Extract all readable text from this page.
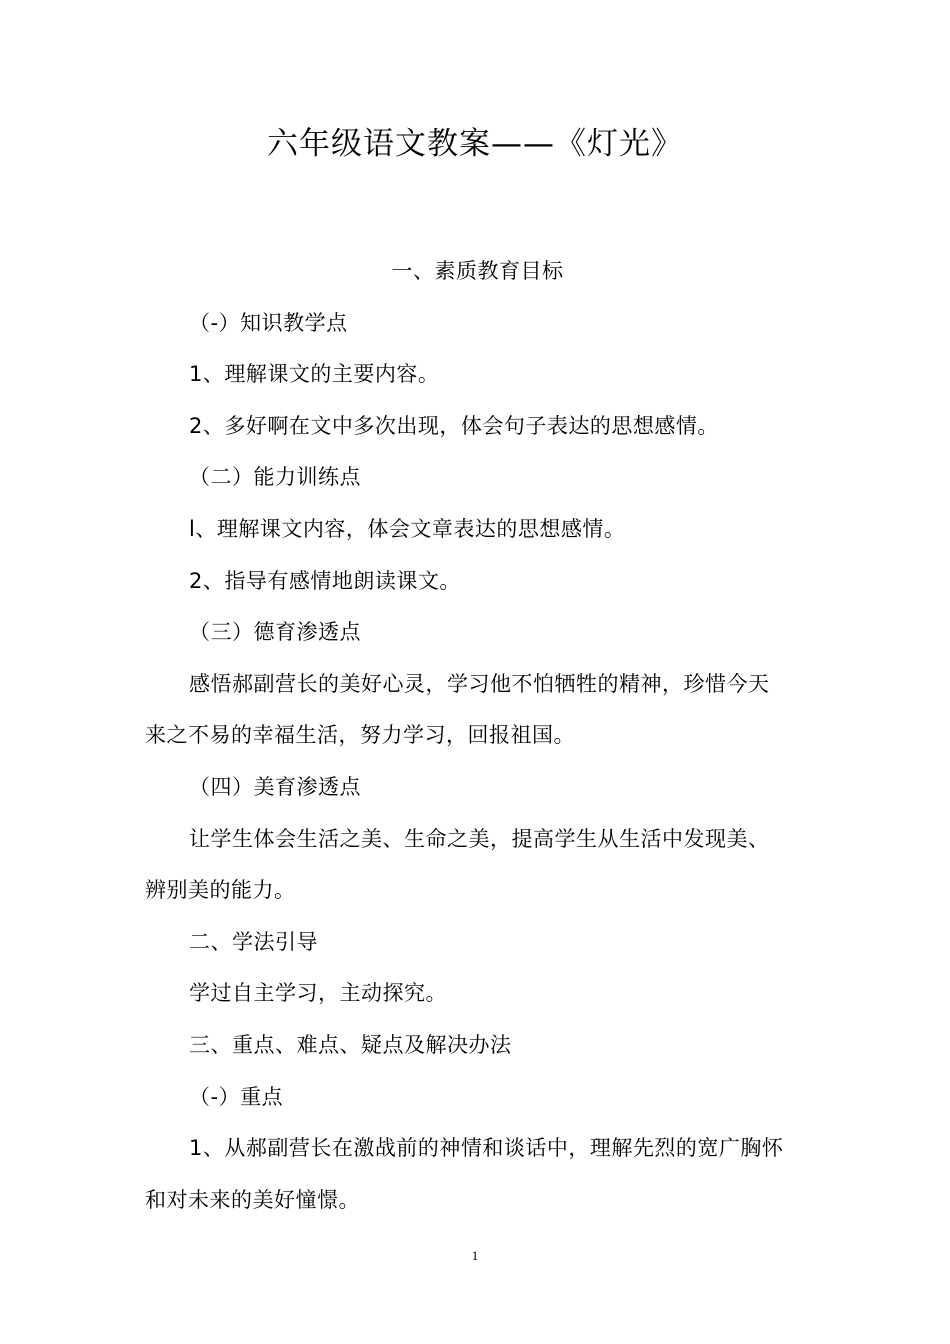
六年级语文教案——《灯光》
一、素质教育目标
（-）知识教学点
1、理解课文的主要内容。
2、多好啊在文中多次出现，体会句子表达的思想感情。
（二）能力训练点
l、理解课文内容，体会文章表达的思想感情。
2、指导有感情地朗读课文。
（三）德育渗透点
感悟郝副营长的美好心灵，学习他不怕牺牲的精神，珍惜今天
来之不易的幸福生活，努力学习，回报祖国。
（四）美育渗透点
让学生体会生活之美、生命之美，提高学生从生活中发现美、
辨别美的能力。
二、学法引导
学过自主学习，主动探究。
三、重点、难点、疑点及解决办法
（-）重点
1、从郝副营长在激战前的神情和谈话中，理解先烈的宽广胸怀
和对未来的美好憧憬。
1
